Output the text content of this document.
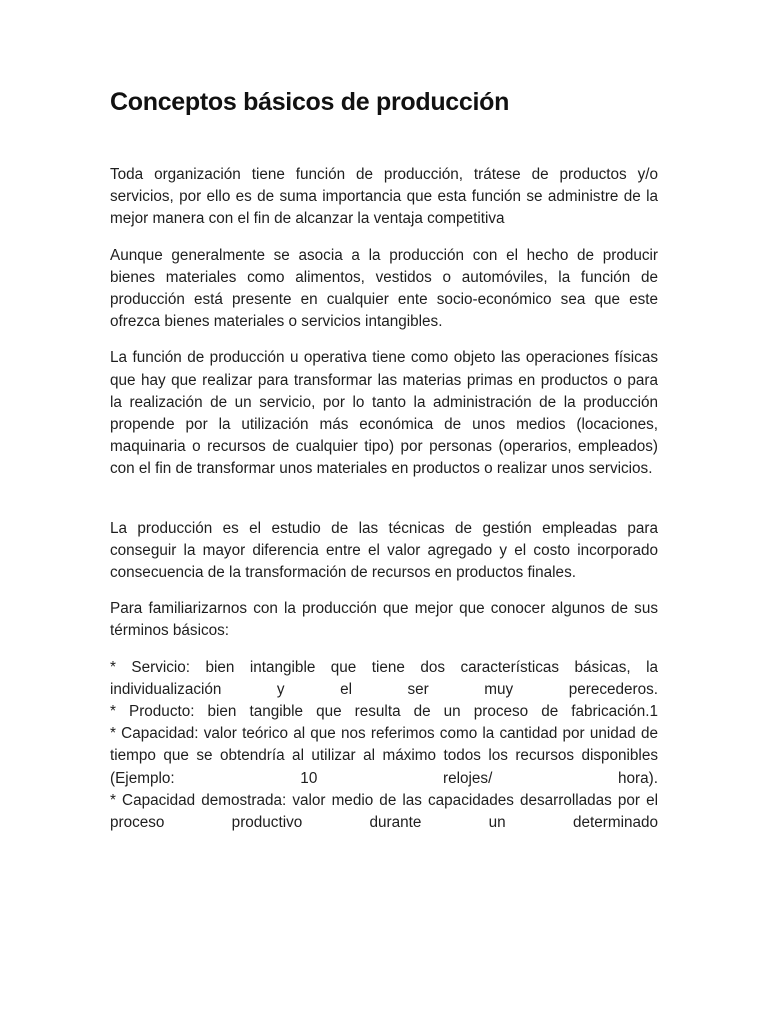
Conceptos básicos de producción

Toda organización tiene función de producción, trátese de productos y/o servicios, por ello es de suma importancia que esta función se administre de la mejor manera con el fin de alcanzar la ventaja competitiva

Aunque generalmente se asocia a la producción con el hecho de producir bienes materiales como alimentos, vestidos o automóviles, la función de producción está presente en cualquier ente socio-económico sea que este ofrezca bienes materiales o servicios intangibles.

La función de producción u operativa tiene como objeto las operaciones físicas que hay que realizar para transformar las materias primas en productos o para la realización de un servicio, por lo tanto la administración de la producción propende por la utilización más económica de unos medios (locaciones, maquinaria o recursos de cualquier tipo) por personas (operarios, empleados) con el fin de transformar unos materiales en productos o realizar unos servicios.

La producción es el estudio de las técnicas de gestión empleadas para conseguir la mayor diferencia entre el valor agregado y el costo incorporado consecuencia de la transformación de recursos en productos finales.

Para familiarizarnos con la producción que mejor que conocer algunos de sus términos básicos:

* Servicio: bien intangible que tiene dos características básicas, la individualización y el ser muy perecederos.
* Producto: bien tangible que resulta de un proceso de fabricación.1
* Capacidad: valor teórico al que nos referimos como la cantidad por unidad de tiempo que se obtendría al utilizar al máximo todos los recursos disponibles (Ejemplo: 10 relojes/ hora).
* Capacidad demostrada: valor medio de las capacidades desarrolladas por el proceso productivo durante un determinado
